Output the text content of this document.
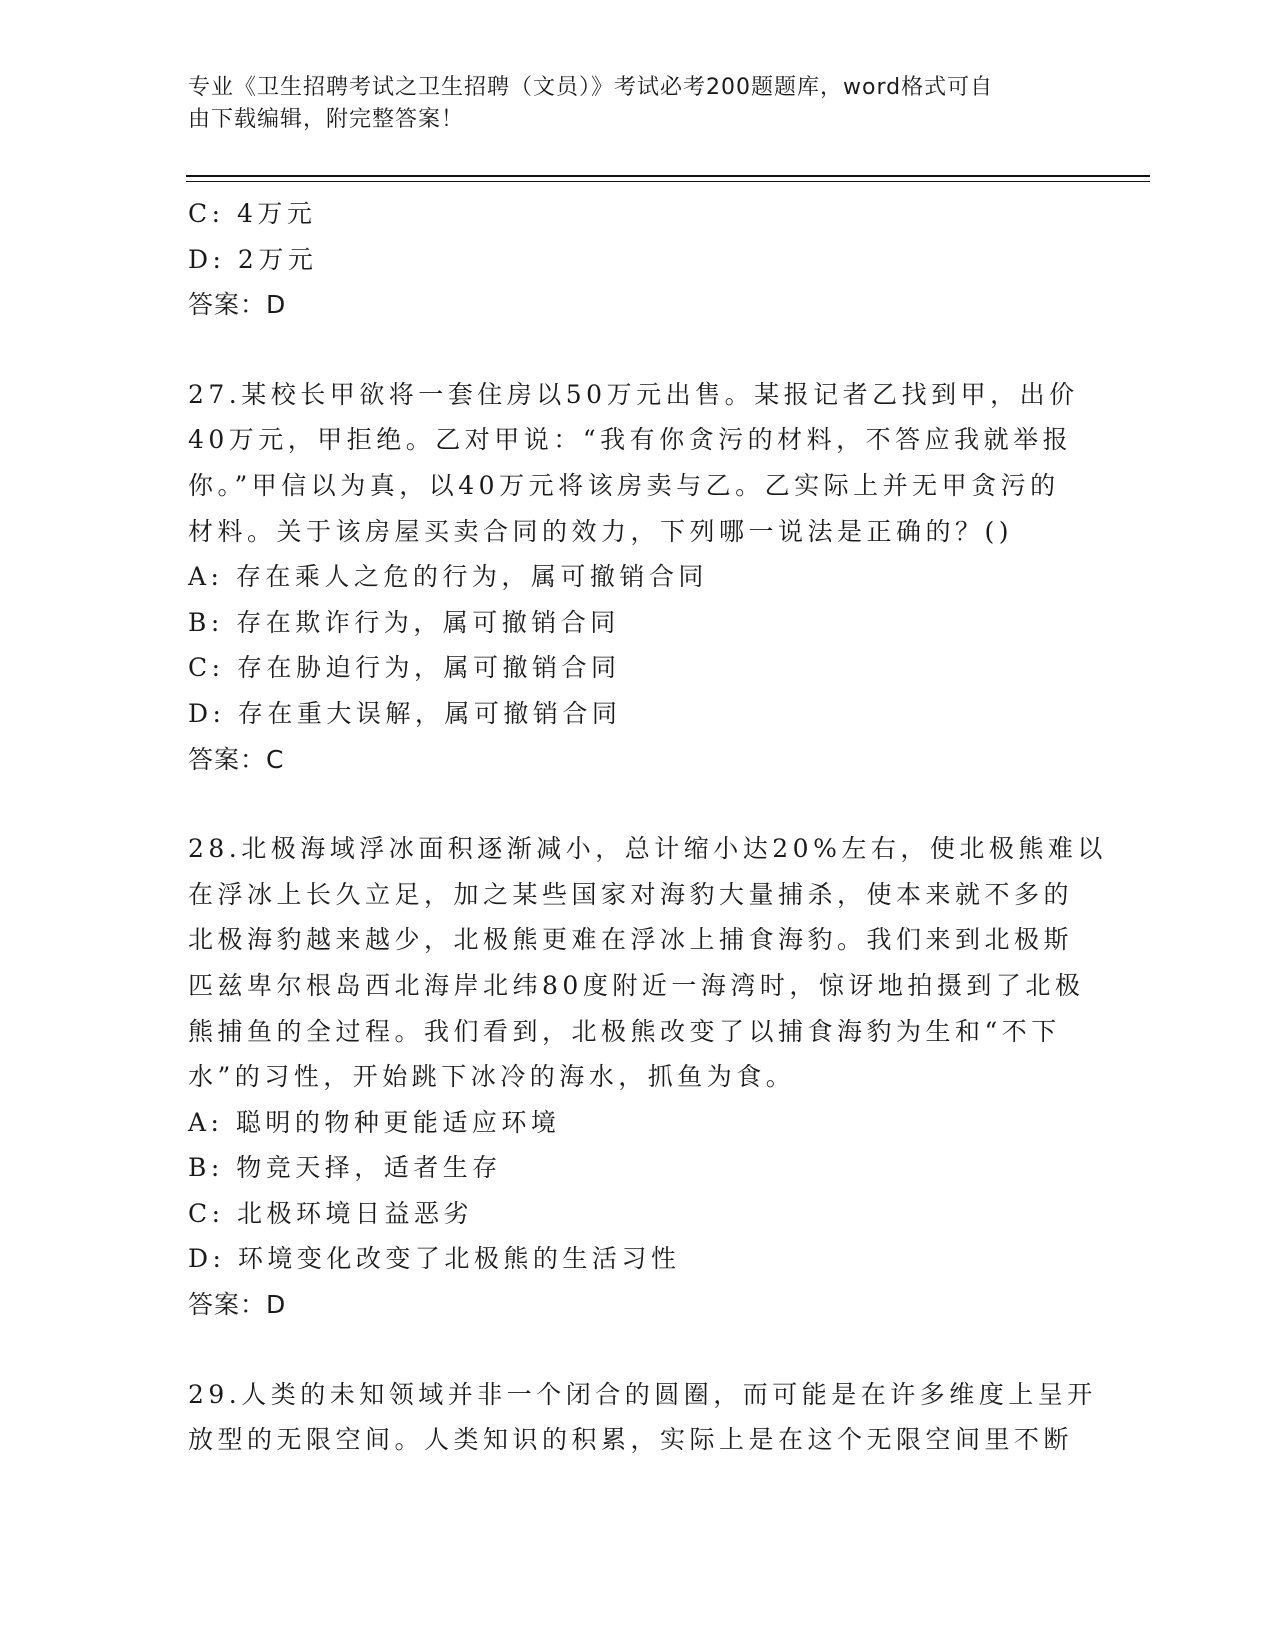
专业《卫生招聘考试之卫生招聘（文员）》考试必考200题题库，word格式可自
由下载编辑，附完整答案！
C: 4万元
D: 2万元
答案：D
27.某校长甲欲将一套住房以50万元出售。某报记者乙找到甲，出价
40万元，甲拒绝。乙对甲说：“我有你贪污的材料，不答应我就举报
你。”甲信以为真，以40万元将该房卖与乙。乙实际上并无甲贪污的
材料。关于该房屋买卖合同的效力，下列哪一说法是正确的？()
A: 存在乘人之危的行为，属可撤销合同
B: 存在欺诈行为，属可撤销合同
C: 存在胁迫行为，属可撤销合同
D: 存在重大误解，属可撤销合同
答案：C
28.北极海域浮冰面积逐渐减小，总计缩小达20%左右，使北极熊难以
在浮冰上长久立足，加之某些国家对海豹大量捕杀，使本来就不多的
北极海豹越来越少，北极熊更难在浮冰上捕食海豹。我们来到北极斯
匹兹卑尔根岛西北海岸北纬80度附近一海湾时，惊讶地拍摄到了北极
熊捕鱼的全过程。我们看到，北极熊改变了以捕食海豹为生和“不下
水”的习性，开始跳下冰冷的海水，抓鱼为食。
A: 聪明的物种更能适应环境
B: 物竞天择，适者生存
C: 北极环境日益恶劣
D: 环境变化改变了北极熊的生活习性
答案：D
29.人类的未知领域并非一个闭合的圆圈，而可能是在许多维度上呈开
放型的无限空间。人类知识的积累，实际上是在这个无限空间里不断
